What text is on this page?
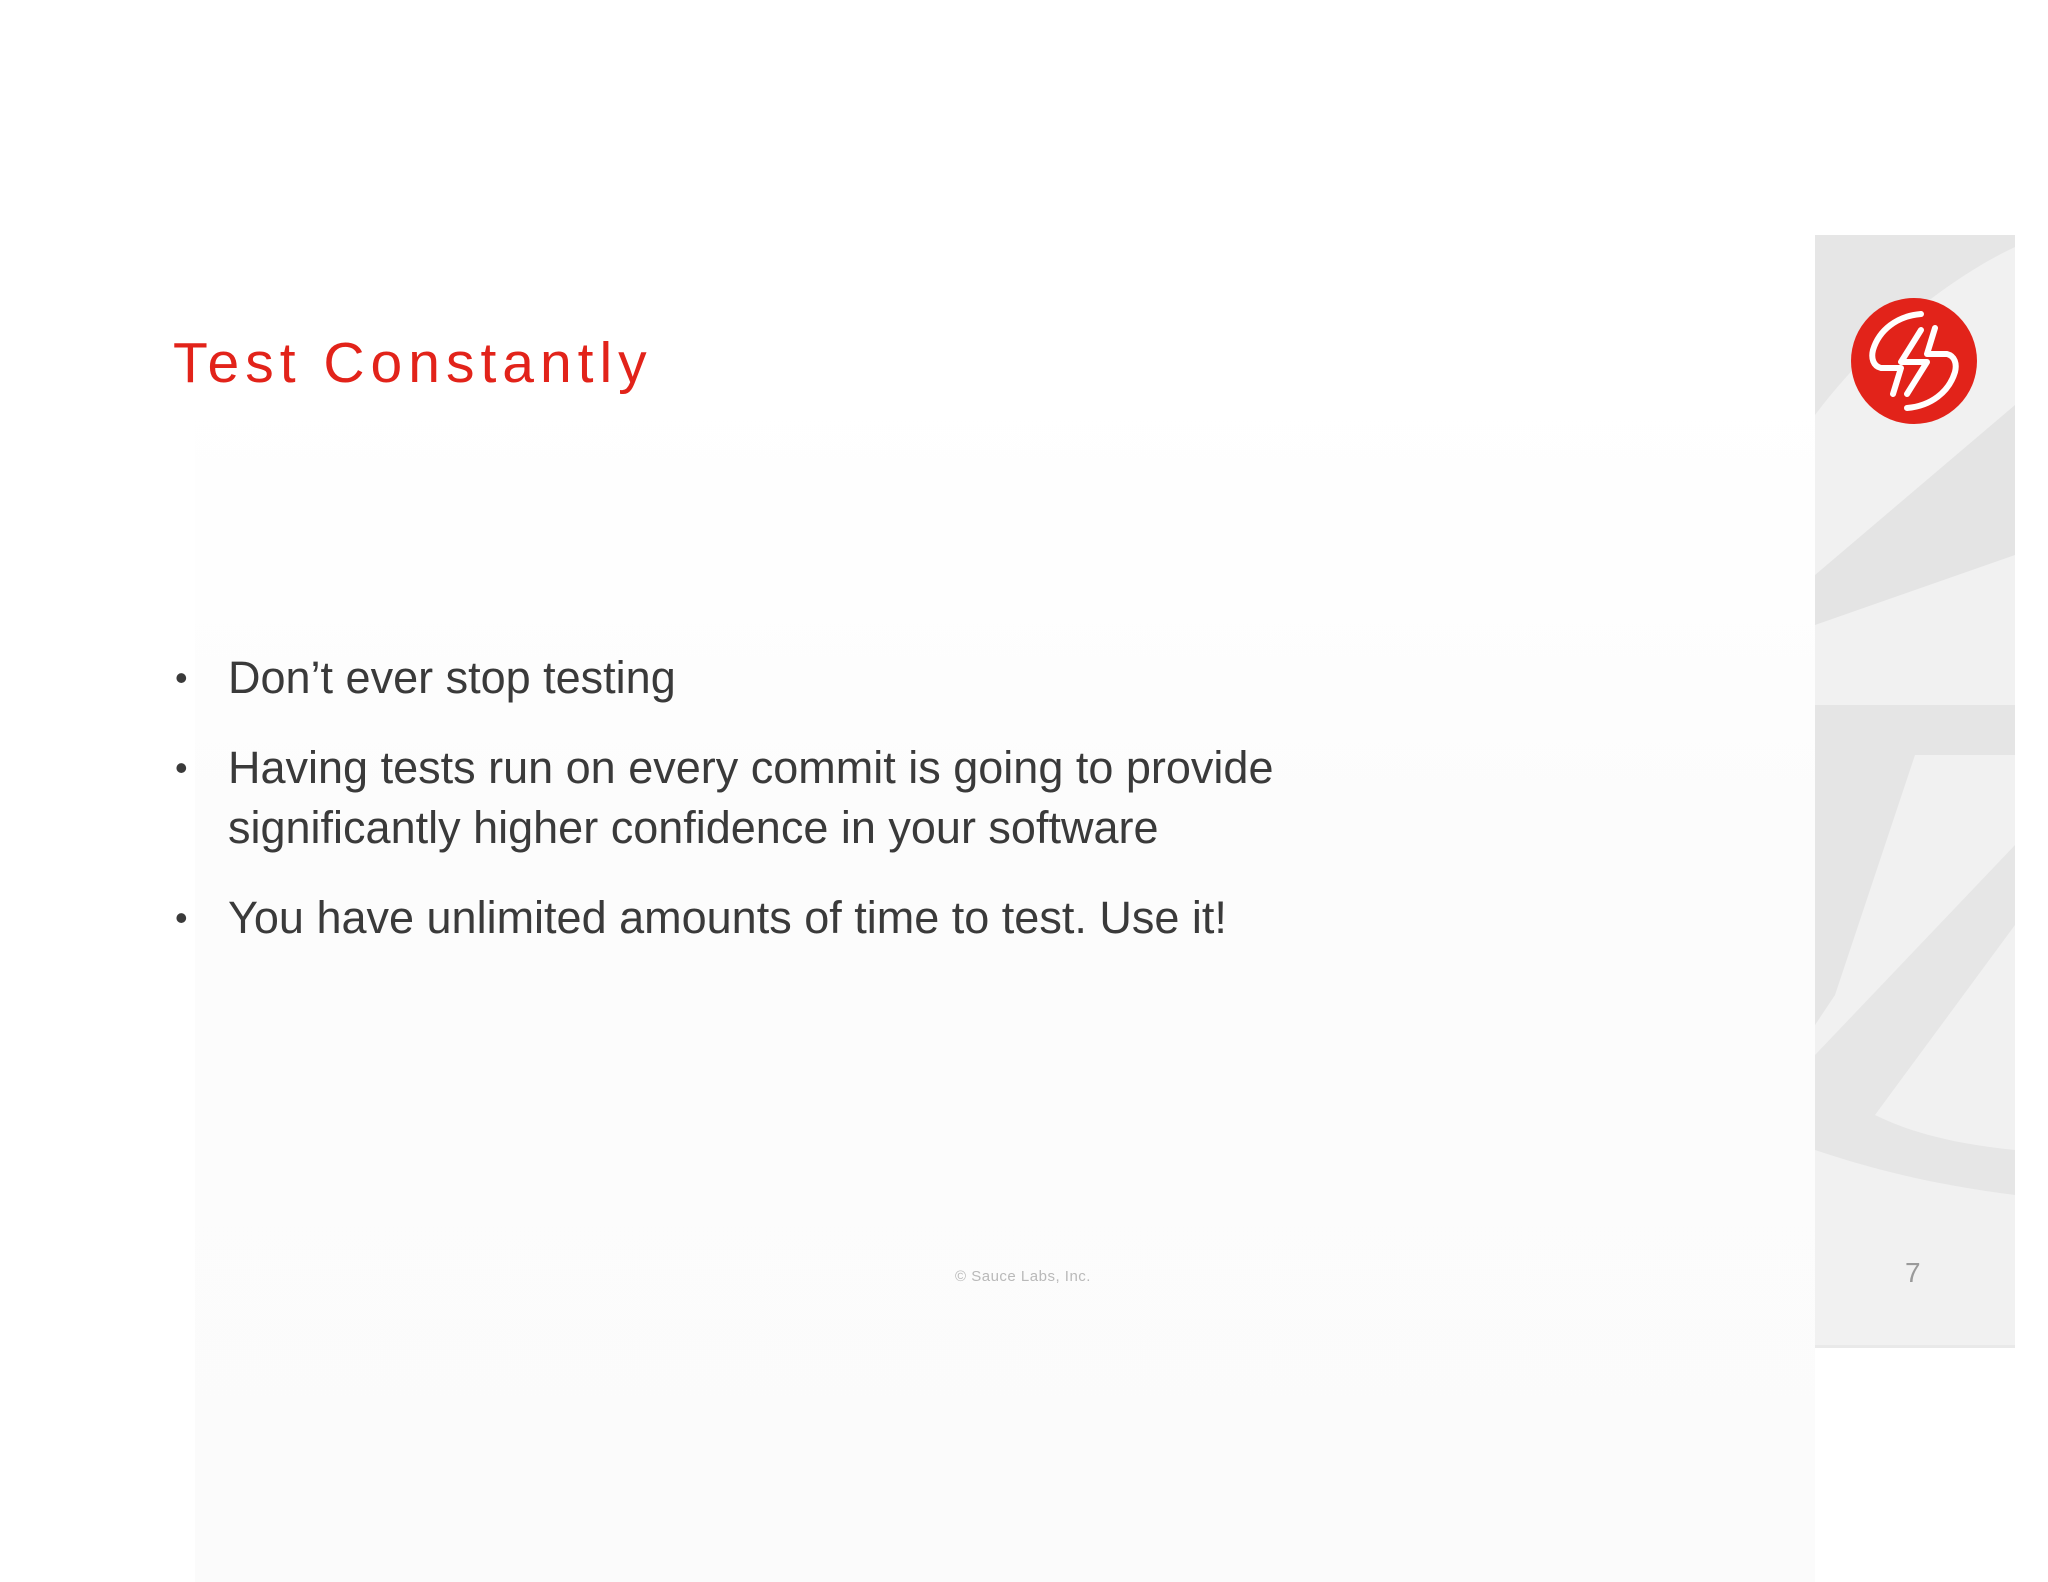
Test Constantly
• Don’t ever stop testing
• Having tests run on every commit is going to provide significantly higher confidence in your software
• You have unlimited amounts of time to test. Use it!
© Sauce Labs, Inc.	7
